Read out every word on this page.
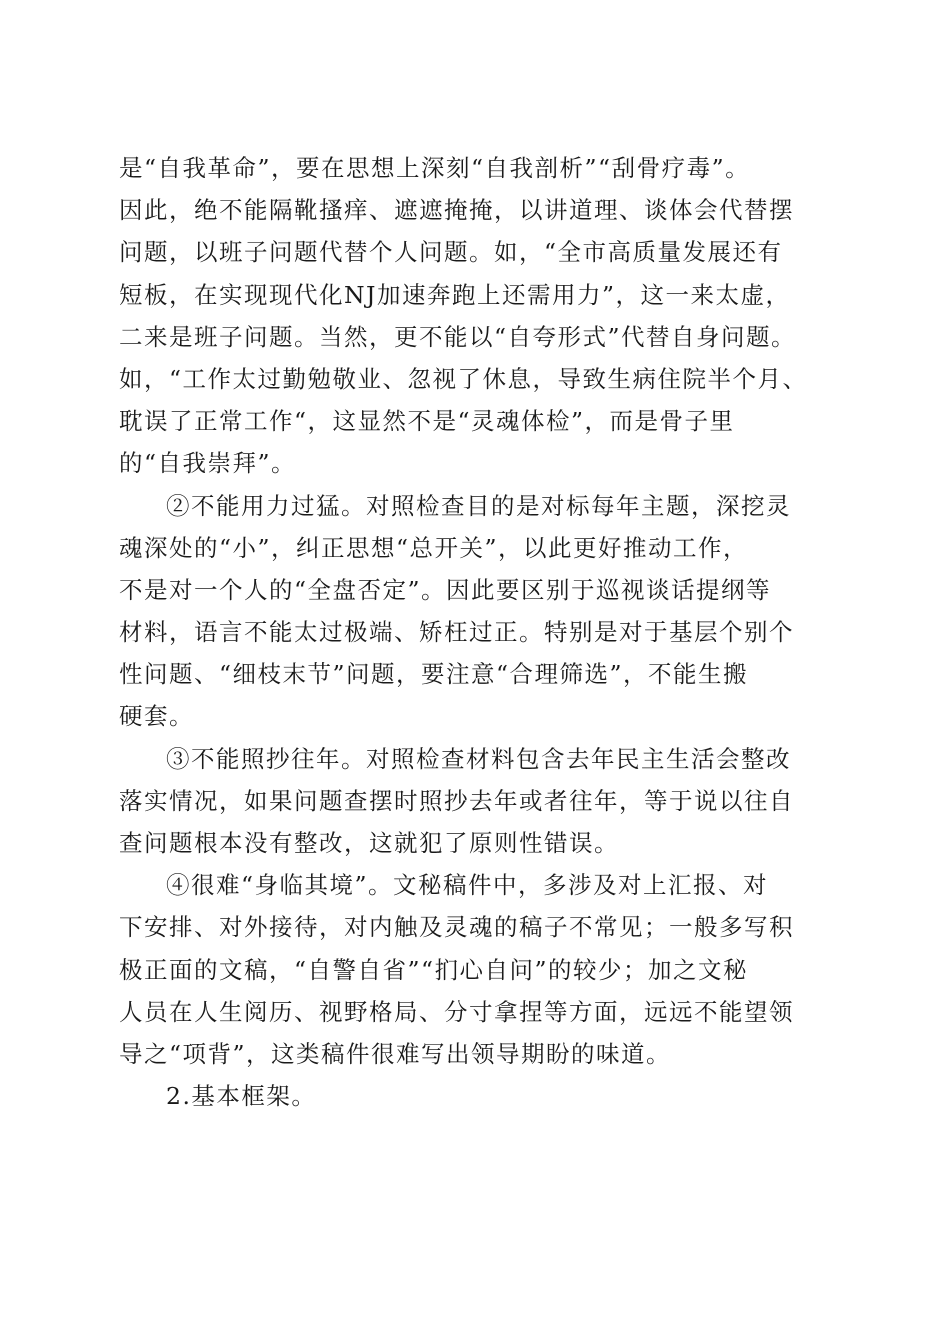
是“自我革命”，要在思想上深刻“自我剖析”“刮骨疗毒”。
因此，绝不能隔靴搔痒、遮遮掩掩，以讲道理、谈体会代替摆
问题，以班子问题代替个人问题。如，“全市高质量发展还有
短板，在实现现代化NJ加速奔跑上还需用力”，这一来太虚，
二来是班子问题。当然，更不能以“自夸形式”代替自身问题。
如，“工作太过勤勉敬业、忽视了休息，导致生病住院半个月、
耽误了正常工作“，这显然不是“灵魂体检”，而是骨子里
的“自我崇拜”。
②不能用力过猛。对照检查目的是对标每年主题，深挖灵
魂深处的“小”，纠正思想“总开关”，以此更好推动工作，
不是对一个人的“全盘否定”。因此要区别于巡视谈话提纲等
材料，语言不能太过极端、矫枉过正。特别是对于基层个别个
性问题、“细枝末节”问题，要注意“合理筛选”，不能生搬
硬套。
③不能照抄往年。对照检查材料包含去年民主生活会整改
落实情况，如果问题查摆时照抄去年或者往年，等于说以往自
查问题根本没有整改，这就犯了原则性错误。
④很难“身临其境”。文秘稿件中，多涉及对上汇报、对
下安排、对外接待，对内触及灵魂的稿子不常见；一般多写积
极正面的文稿，“自警自省”“扪心自问”的较少；加之文秘
人员在人生阅历、视野格局、分寸拿捏等方面，远远不能望领
导之“项背”，这类稿件很难写出领导期盼的味道。
2.基本框架。
